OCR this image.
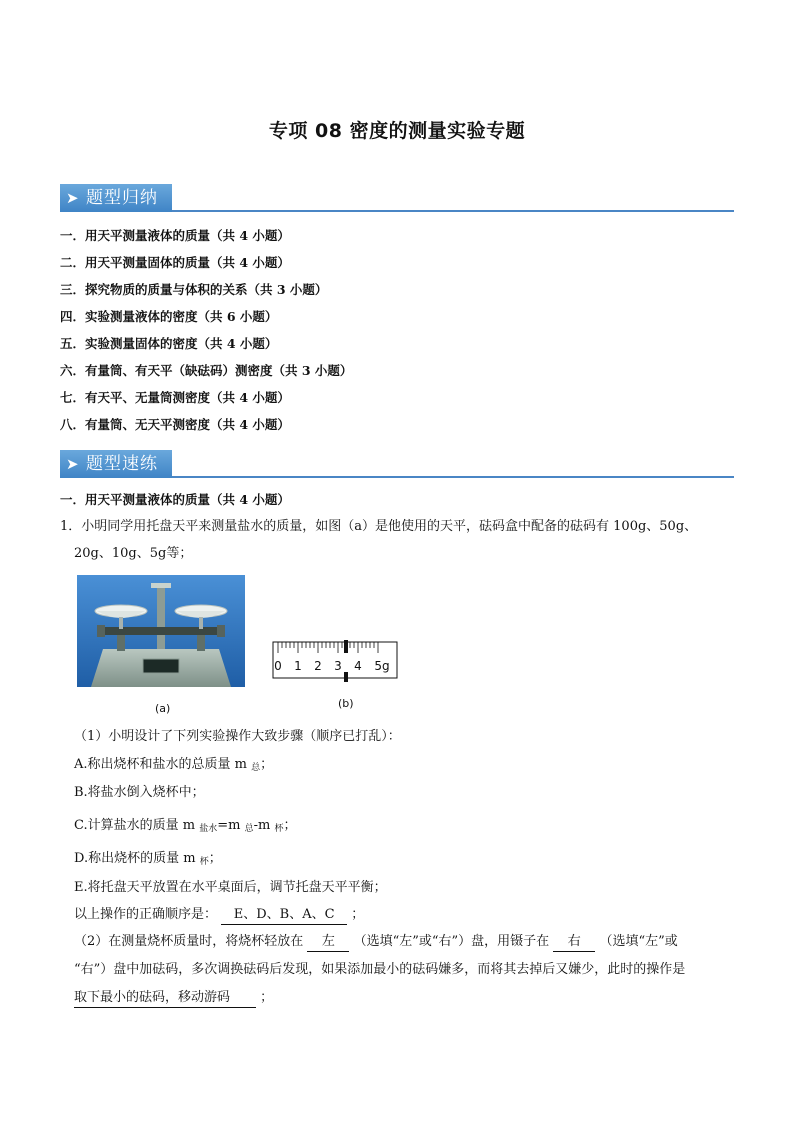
专项 08 密度的测量实验专题
➤ 题型归纳
一．用天平测量液体的质量（共 4 小题）
二．用天平测量固体的质量（共 4 小题）
三．探究物质的质量与体积的关系（共 3 小题）
四．实验测量液体的密度（共 6 小题）
五．实验测量固体的密度（共 4 小题）
六．有量筒、有天平（缺砝码）测密度（共 3 小题）
七．有天平、无量筒测密度（共 4 小题）
八．有量筒、无天平测密度（共 4 小题）
➤ 题型速练
一．用天平测量液体的质量（共 4 小题）
1．小明同学用托盘天平来测量盐水的质量，如图（a）是他使用的天平，砝码盒中配备的砝码有 100g、50g、
20g、10g、5g等；
(a)
0 1 2 3 4 5g
(b)
（1）小明设计了下列实验操作大致步骤（顺序已打乱）：
A.称出烧杯和盐水的总质量 m $_总$；
B.将盐水倒入烧杯中；
C.计算盐水的质量 m $_{盐水}$=m $_总$-m $_杯$；
D.称出烧杯的质量 m $_杯$；
E.将托盘天平放置在水平桌面后，调节托盘天平平衡；
以上操作的正确顺序是： E、D、B、A、C ；
（2）在测量烧杯质量时，将烧杯轻放在 左 （选填“左”或“右”）盘，用镊子在 右 （选填“左”或
“右”）盘中加砝码，多次调换砝码后发现，如果添加最小的砝码嫌多，而将其去掉后又嫌少，此时的操作是
取下最小的砝码，移动游码 ；
